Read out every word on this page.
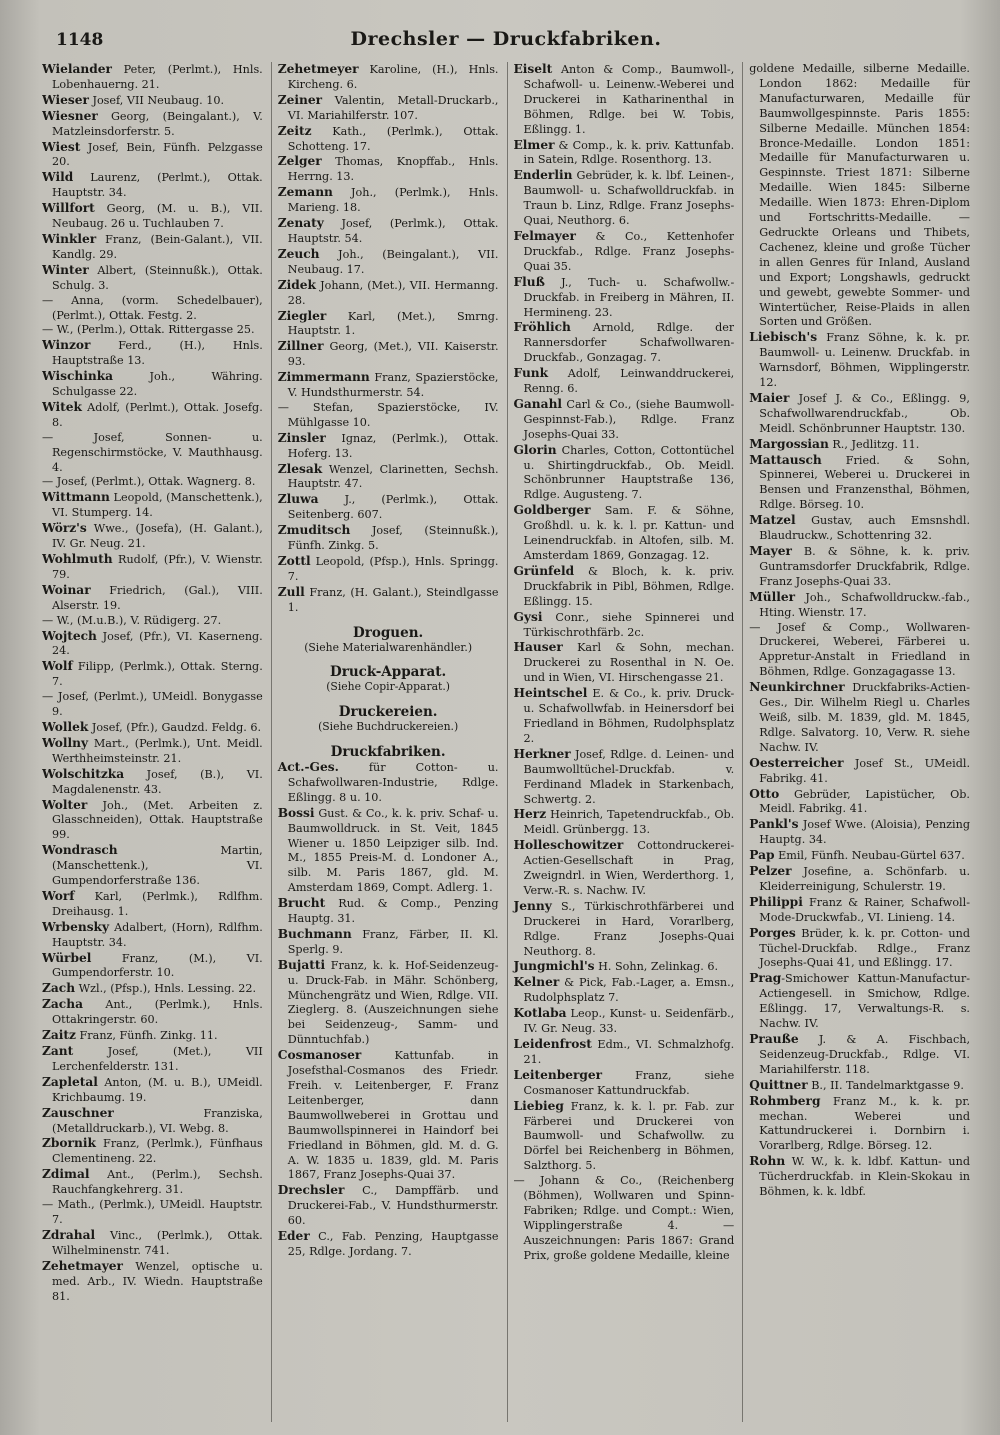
1148	Drechsler — Druckfabriken.

Wielander Peter, (Perlmt.), Hnls. Lobenhauerng. 21.

Wieser Josef, VII Neubaug. 10.

Wiesner Georg, (Beingalant.), V. Matzleinsdorferstr. 5.

Wiest Josef, Bein, Fünfh. Pelzgasse 20.

Wild Laurenz, (Perlmt.), Ottak. Hauptstr. 34.

Willfort Georg, (M. u. B.), VII. Neubaug. 26 u. Tuchlauben 7.

Winkler Franz, (Bein-Galant.), VII. Kandlg. 29.

Winter Albert, (Steinnußk.), Ottak. Schulg. 3.

— Anna, (vorm. Schedelbauer), (Perlmt.), Ottak. Festg. 2.

— W., (Perlm.), Ottak. Rittergasse 25.

Winzor Ferd., (H.), Hnls. Hauptstraße 13.

Wischinka Joh., Währing. Schulgasse 22.

Witek Adolf, (Perlmt.), Ottak. Josefg. 8.

— Josef, Sonnen- u. Regenschirmstöcke, V. Mauthhausg. 4.

— Josef, (Perlmt.), Ottak. Wagnerg. 8.

Wittmann Leopold, (Manschettenk.), VI. Stumperg. 14.

Wörz's Wwe., (Josefa), (H. Galant.), IV. Gr. Neug. 21.

Wohlmuth Rudolf, (Pfr.), V. Wienstr. 79.

Woinar Friedrich, (Gal.), VIII. Alserstr. 19.

— W., (M.u.B.), V. Rüdigerg. 27.

Wojtech Josef, (Pfr.), VI. Kaserneng. 24.

Wolf Filipp, (Perlmk.), Ottak. Sterng. 7.

— Josef, (Perlmt.), UMeidl. Bonygasse 9.

Wollek Josef, (Pfr.), Gaudzd. Feldg. 6.

Wollny Mart., (Perlmk.), Unt. Meidl. Werthheimsteinstr. 21.

Wolschitzka Josef, (B.), VI. Magdalenenstr. 43.

Wolter Joh., (Met. Arbeiten z. Glasschneiden), Ottak. Hauptstraße 99.

Wondrasch Martin, (Manschettenk.), VI. Gumpendorferstraße 136.

Worf Karl, (Perlmk.), Rdlfhm. Dreihausg. 1.

Wrbensky Adalbert, (Horn), Rdlfhm. Hauptstr. 34.

Würbel Franz, (M.), VI. Gumpendorferstr. 10.

Zach Wzl., (Pfsp.), Hnls. Lessing. 22.

Zacha Ant., (Perlmk.), Hnls. Ottakringerstr. 60.

Zaitz Franz, Fünfh. Zinkg. 11.

Zant Josef, (Met.), VII Lerchenfelderstr. 131.

Zapletal Anton, (M. u. B.), UMeidl. Krichbaumg. 19.

Zauschner Franziska, (Metalldruckarb.), VI. Webg. 8.

Zbornik Franz, (Perlmk.), Fünfhaus Clementineng. 22.

Zdimal Ant., (Perlm.), Sechsh. Rauchfangkehrerg. 31.

— Math., (Perlmk.), UMeidl. Hauptstr. 7.

Zdrahal Vinc., (Perlmk.), Ottak. Wilhelminenstr. 741.

Zehetmayer Wenzel, optische u. med. Arb., IV. Wiedn. Hauptstraße 81.

Zehetmeyer Karoline, (H.), Hnls. Kircheng. 6.

Zeiner Valentin, Metall-Druckarb., VI. Mariahilferstr. 107.

Zeitz Kath., (Perlmk.), Ottak. Schotteng. 17.

Zelger Thomas, Knopffab., Hnls. Herrng. 13.

Zemann Joh., (Perlmk.), Hnls. Marieng. 18.

Zenaty Josef, (Perlmk.), Ottak. Hauptstr. 54.

Zeuch Joh., (Beingalant.), VII. Neubaug. 17.

Zidek Johann, (Met.), VII. Hermanng. 28.

Ziegler Karl, (Met.), Smrng. Hauptstr. 1.

Zillner Georg, (Met.), VII. Kaiserstr. 93.

Zimmermann Franz, Spazierstöcke, V. Hundsthurmerstr. 54.

— Stefan, Spazierstöcke, IV. Mühlgasse 10.

Zinsler Ignaz, (Perlmk.), Ottak. Hoferg. 13.

Zlesak Wenzel, Clarinetten, Sechsh. Hauptstr. 47.

Zluwa J., (Perlmk.), Ottak. Seitenberg. 607.

Zmuditsch Josef, (Steinnußk.), Fünfh. Zinkg. 5.

Zottl Leopold, (Pfsp.), Hnls. Springg. 7.

Zull Franz, (H. Galant.), Steindlgasse 1.

Droguen.
(Siehe Materialwarenhändler.)
Druck-Apparat.
(Siehe Copir-Apparat.)
Druckereien.
(Siehe Buchdruckereien.)
Druckfabriken.

Act.-Ges. für Cotton- u. Schafwollwaren-Industrie, Rdlge. Eßlingg. 8 u. 10.

Bossi Gust. & Co., k. k. priv. Schaf- u. Baumwolldruck. in St. Veit, 1845 Wiener u. 1850 Leipziger silb. Ind. M., 1855 Preis-M. d. Londoner A., silb. M. Paris 1867, gld. M. Amsterdam 1869, Compt. Adlerg. 1.

Brucht Rud. & Comp., Penzing Hauptg. 31.

Buchmann Franz, Färber, II. Kl. Sperlg. 9.

Bujatti Franz, k. k. Hof-Seidenzeug- u. Druck-Fab. in Mähr. Schönberg, Münchengrätz und Wien, Rdlge. VII. Zieglerg. 8. (Auszeichnungen siehe bei Seidenzeug-, Samm- und Dünntuchfab.)

Cosmanoser Kattunfab. in Josefsthal-Cosmanos des Friedr. Freih. v. Leitenberger, F. Franz Leitenberger, dann Baumwollweberei in Grottau und Baumwollspinnerei in Haindorf bei Friedland in Böhmen, gld. M. d. G. A. W. 1835 u. 1839, gld. M. Paris 1867, Franz Josephs-Quai 37.

Drechsler C., Dampffärb. und Druckerei-Fab., V. Hundsthurmerstr. 60.

Eder C., Fab. Penzing, Hauptgasse 25, Rdlge. Jordang. 7.

Eiselt Anton & Comp., Baumwoll-, Schafwoll- u. Leinenw.-Weberei und Druckerei in Katharinenthal in Böhmen, Rdlge. bei W. Tobis, Eßlingg. 1.

Elmer & Comp., k. k. priv. Kattunfab. in Satein, Rdlge. Rosenthorg. 13.

Enderlin Gebrüder, k. k. lbf. Leinen-, Baumwoll- u. Schafwolldruckfab. in Traun b. Linz, Rdlge. Franz Josephs-Quai, Neuthorg. 6.

Felmayer & Co., Kettenhofer Druckfab., Rdlge. Franz Josephs-Quai 35.

Fluß J., Tuch- u. Schafwollw.-Druckfab. in Freiberg in Mähren, II. Hermineng. 23.

Fröhlich Arnold, Rdlge. der Rannersdorfer Schafwollwaren-Druckfab., Gonzagag. 7.

Funk Adolf, Leinwanddruckerei, Renng. 6.

Ganahl Carl & Co., (siehe Baumwoll-Gespinnst-Fab.), Rdlge. Franz Josephs-Quai 33.

Glorin Charles, Cotton, Cottontüchel u. Shirtingdruckfab., Ob. Meidl. Schönbrunner Hauptstraße 136, Rdlge. Augusteng. 7.

Goldberger Sam. F. & Söhne, Großhdl. u. k. k. l. pr. Kattun- und Leinendruckfab. in Altofen, silb. M. Amsterdam 1869, Gonzagag. 12.

Grünfeld & Bloch, k. k. priv. Druckfabrik in Pibl, Böhmen, Rdlge. Eßlingg. 15.

Gysi Conr., siehe Spinnerei und Türkischrothfärb. 2c.

Hauser Karl & Sohn, mechan. Druckerei zu Rosenthal in N. Oe. und in Wien, VI. Hirschengasse 21.

Heintschel E. & Co., k. priv. Druck- u. Schafwollwfab. in Heinersdorf bei Friedland in Böhmen, Rudolphsplatz 2.

Herkner Josef, Rdlge. d. Leinen- und Baumwolltüchel-Druckfab. v. Ferdinand Mladek in Starkenbach, Schwertg. 2.

Herz Heinrich, Tapetendruckfab., Ob. Meidl. Grünbergg. 13.

Holleschowitzer Cottondruckerei-Actien-Gesellschaft in Prag, Zweigndrl. in Wien, Werderthorg. 1, Verw.-R. s. Nachw. IV.

Jenny S., Türkischrothfärberei und Druckerei in Hard, Vorarlberg, Rdlge. Franz Josephs-Quai Neuthorg. 8.

Jungmichl's H. Sohn, Zelinkag. 6.

Kelner & Pick, Fab.-Lager, a. Emsn., Rudolphsplatz 7.

Kotlaba Leop., Kunst- u. Seidenfärb., IV. Gr. Neug. 33.

Leidenfrost Edm., VI. Schmalzhofg. 21.

Leitenberger Franz, siehe Cosmanoser Kattundruckfab.

Liebieg Franz, k. k. l. pr. Fab. zur Färberei und Druckerei von Baumwoll- und Schafwollw. zu Dörfel bei Reichenberg in Böhmen, Salzthorg. 5.

— Johann & Co., (Reichenberg (Böhmen), Wollwaren und Spinn-Fabriken; Rdlge. und Compt.: Wien, Wipplingerstraße 4. — Auszeichnungen: Paris 1867: Grand Prix, große goldene Medaille, kleine

goldene Medaille, silberne Medaille. London 1862: Medaille für Manufacturwaren, Medaille für Baumwollgespinnste. Paris 1855: Silberne Medaille. München 1854: Bronce-Medaille. London 1851: Medaille für Manufacturwaren u. Gespinnste. Triest 1871: Silberne Medaille. Wien 1845: Silberne Medaille. Wien 1873: Ehren-Diplom und Fortschritts-Medaille. — Gedruckte Orleans und Thibets, Cachenez, kleine und große Tücher in allen Genres für Inland, Ausland und Export; Longshawls, gedruckt und gewebt, gewebte Sommer- und Wintertücher, Reise-Plaids in allen Sorten und Größen.

Liebisch's Franz Söhne, k. k. pr. Baumwoll- u. Leinenw. Druckfab. in Warnsdorf, Böhmen, Wipplingerstr. 12.

Maier Josef J. & Co., Eßlingg. 9, Schafwollwarendruckfab., Ob. Meidl. Schönbrunner Hauptstr. 130.

Margossian R., Jedlitzg. 11.

Mattausch Fried. & Sohn, Spinnerei, Weberei u. Druckerei in Bensen und Franzensthal, Böhmen, Rdlge. Börseg. 10.

Matzel Gustav, auch Emsnshdl. Blaudruckw., Schottenring 32.

Mayer B. & Söhne, k. k. priv. Guntramsdorfer Druckfabrik, Rdlge. Franz Josephs-Quai 33.

Müller Joh., Schafwolldruckw.-fab., Hting. Wienstr. 17.

— Josef & Comp., Wollwaren-Druckerei, Weberei, Färberei u. Appretur-Anstalt in Friedland in Böhmen, Rdlge. Gonzagagasse 13.

Neunkirchner Druckfabriks-Actien-Ges., Dir. Wilhelm Riegl u. Charles Weiß, silb. M. 1839, gld. M. 1845, Rdlge. Salvatorg. 10, Verw. R. siehe Nachw. IV.

Oesterreicher Josef St., UMeidl. Fabrikg. 41.

Otto Gebrüder, Lapistücher, Ob. Meidl. Fabrikg. 41.

Pankl's Josef Wwe. (Aloisia), Penzing Hauptg. 34.

Pap Emil, Fünfh. Neubau-Gürtel 637.

Pelzer Josefine, a. Schönfarb. u. Kleiderreinigung, Schulerstr. 19.

Philippi Franz & Rainer, Schafwoll-Mode-Druckwfab., VI. Linieng. 14.

Porges Brüder, k. k. pr. Cotton- und Tüchel-Druckfab. Rdlge., Franz Josephs-Quai 41, und Eßlingg. 17.

Prag-Smichower Kattun-Manufactur-Actiengesell. in Smichow, Rdlge. Eßlingg. 17, Verwaltungs-R. s. Nachw. IV.

Prauße J. & A. Fischbach, Seidenzeug-Druckfab., Rdlge. VI. Mariahilferstr. 118.

Quittner B., II. Tandelmarktgasse 9.

Rohmberg Franz M., k. k. pr. mechan. Weberei und Kattundruckerei i. Dornbirn i. Vorarlberg, Rdlge. Börseg. 12.

Rohn W. W., k. k. ldbf. Kattun- und Tücherdruckfab. in Klein-Skokau in Böhmen, k. k. ldbf.
